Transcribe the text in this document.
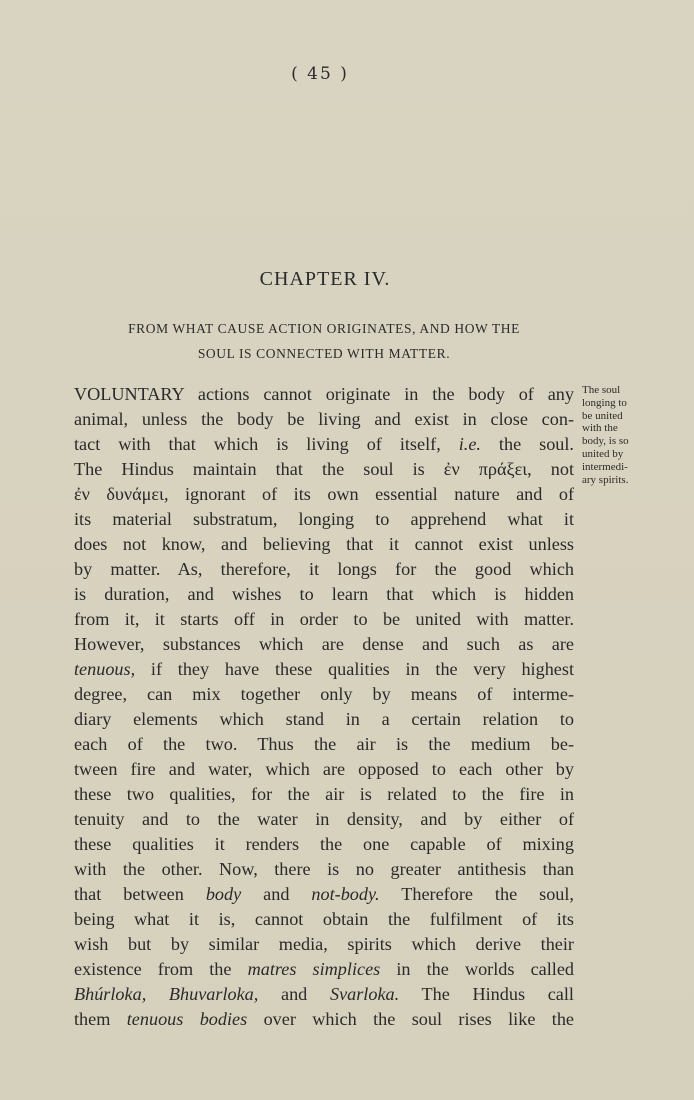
( 45 )
CHAPTER IV.
FROM WHAT CAUSE ACTION ORIGINATES, AND HOW THE
SOUL IS CONNECTED WITH MATTER.
VOLUNTARY actions cannot originate in the body of any
animal, unless the body be living and exist in close con-
tact with that which is living of itself, i.e. the soul.
The Hindus maintain that the soul is ἐν πράξει, not
ἐν δυνάμει, ignorant of its own essential nature and of
its material substratum, longing to apprehend what it
does not know, and believing that it cannot exist unless
by matter. As, therefore, it longs for the good which
is duration, and wishes to learn that which is hidden
from it, it starts off in order to be united with matter.
However, substances which are dense and such as are
tenuous, if they have these qualities in the very highest
degree, can mix together only by means of interme-
diary elements which stand in a certain relation to
each of the two. Thus the air is the medium be-
tween fire and water, which are opposed to each other by
these two qualities, for the air is related to the fire in
tenuity and to the water in density, and by either of
these qualities it renders the one capable of mixing
with the other. Now, there is no greater antithesis than
that between body and not-body. Therefore the soul,
being what it is, cannot obtain the fulfilment of its
wish but by similar media, spirits which derive their
existence from the matres simplices in the worlds called
Bhúrloka, Bhuvarloka, and Svarloka. The Hindus call
them tenuous bodies over which the soul rises like the
The soul
longing to
be united
with the
body, is so
united by
intermedi-
ary spirits.
